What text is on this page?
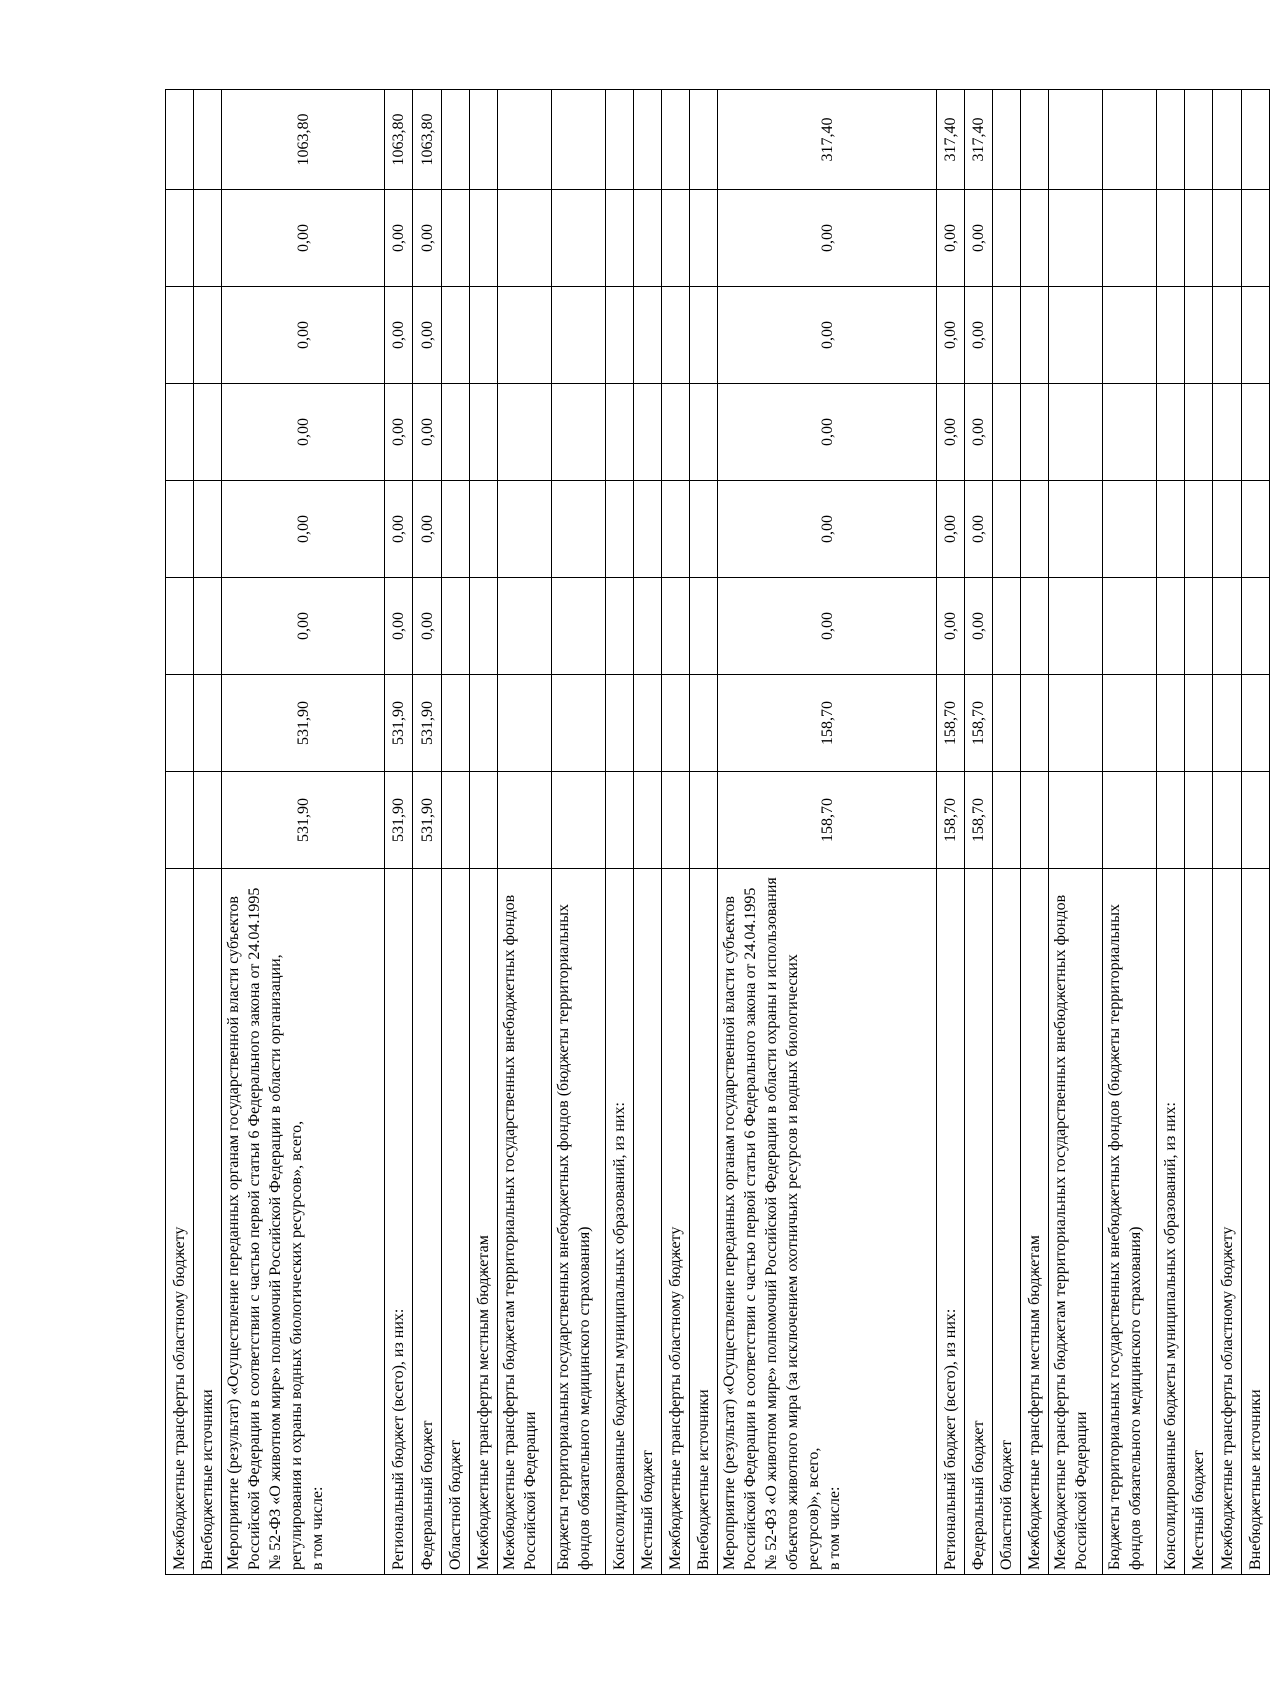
Межбюджетные трансферты областному бюджету								
Внебюджетные источники								
Мероприятие (результат) «Осуществление переданных органам государственной власти субъектов Российской Федерации в соответствии с частью первой статьи 6 Федерального закона от 24.04.1995 № 52-ФЗ «О животном мире» полномочий Российской Федерации в области организации, регулирования и охраны водных биологических ресурсов», всего, в том числе:	531,90	531,90	0,00	0,00	0,00	0,00	0,00	1063,80
Региональный бюджет (всего), из них:	531,90	531,90	0,00	0,00	0,00	0,00	0,00	1063,80
Федеральный бюджет	531,90	531,90	0,00	0,00	0,00	0,00	0,00	1063,80
Областной бюджет								
Межбюджетные трансферты местным бюджетам								
Межбюджетные трансферты бюджетам территориальных государственных внебюджетных фондов Российской Федерации								
Бюджеты территориальных государственных внебюджетных фондов (бюджеты территориальных фондов обязательного медицинского страхования)								
Консолидированные бюджеты муниципальных образований, из них:								
Местный бюджет								
Межбюджетные трансферты областному бюджету								
Внебюджетные источники								
Мероприятие (результат) «Осуществление переданных органам государственной власти субъектов Российской Федерации в соответствии с частью первой статьи 6 Федерального закона от 24.04.1995 № 52-ФЗ «О животном мире» полномочий Российской Федерации в области охраны и использования объектов животного мира (за исключением охотничьих ресурсов и водных биологических ресурсов)», всего, в том числе:	158,70	158,70	0,00	0,00	0,00	0,00	0,00	317,40
Региональный бюджет (всего), из них:	158,70	158,70	0,00	0,00	0,00	0,00	0,00	317,40
Федеральный бюджет	158,70	158,70	0,00	0,00	0,00	0,00	0,00	317,40
Областной бюджет								
Межбюджетные трансферты местным бюджетам								
Межбюджетные трансферты бюджетам территориальных государственных внебюджетных фондов Российской Федерации								
Бюджеты территориальных государственных внебюджетных фондов (бюджеты территориальных фондов обязательного медицинского страхования)								
Консолидированные бюджеты муниципальных образований, из них:								
Местный бюджет								
Межбюджетные трансферты областному бюджету								
Внебюджетные источники								
